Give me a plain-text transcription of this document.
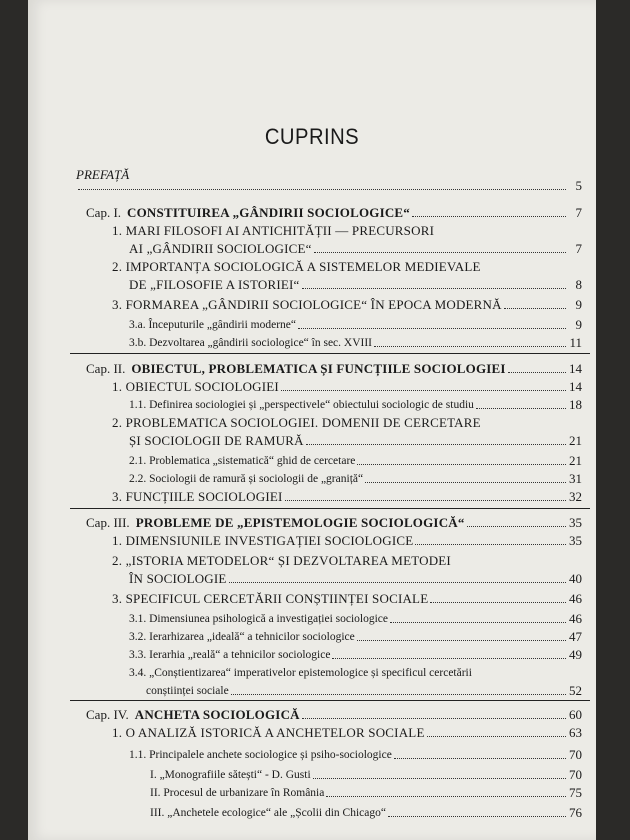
CUPRINS
PREFAȚĂ
5
Cap. I. CONSTITUIREA „GÂNDIRII SOCIOLOGICE“	7
1. MARI FILOSOFI AI ANTICHITĂȚII — PRECURSORI
AI „GÂNDIRII SOCIOLOGICE“	7
2. IMPORTANȚA SOCIOLOGICĂ A SISTEMELOR MEDIEVALE
DE „FILOSOFIE A ISTORIEI“	8
3. FORMAREA „GÂNDIRII SOCIOLOGICE“ ÎN EPOCA MODERNĂ	9
3.a. Începuturile „gândirii moderne“	9
3.b. Dezvoltarea „gândirii sociologice“ în sec. XVIII	11
Cap. II. OBIECTUL, PROBLEMATICA ȘI FUNCȚIILE SOCIOLOGIEI	14
1. OBIECTUL SOCIOLOGIEI	14
1.1. Definirea sociologiei și „perspectivele“ obiectului sociologic de studiu	18
2. PROBLEMATICA SOCIOLOGIEI. DOMENII DE CERCETARE
ȘI SOCIOLOGII DE RAMURĂ	21
2.1. Problematica „sistematică“ ghid de cercetare	21
2.2. Sociologii de ramură și sociologii de „graniță“	31
3. FUNCȚIILE SOCIOLOGIEI	32
Cap. III. PROBLEME DE „EPISTEMOLOGIE SOCIOLOGICĂ“	35
1. DIMENSIUNILE INVESTIGAȚIEI SOCIOLOGICE	35
2. „ISTORIA METODELOR“ ȘI DEZVOLTAREA METODEI
ÎN SOCIOLOGIE	40
3. SPECIFICUL CERCETĂRII CONȘTIINȚEI SOCIALE	46
3.1. Dimensiunea psihologică a investigației sociologice	46
3.2. Ierarhizarea „ideală“ a tehnicilor sociologice	47
3.3. Ierarhia „reală“ a tehnicilor sociologice	49
3.4. „Conștientizarea“ imperativelor epistemologice și specificul cercetării
conștiinței sociale	52
Cap. IV. ANCHETA SOCIOLOGICĂ	60
1. O ANALIZĂ ISTORICĂ A ANCHETELOR SOCIALE	63
1.1. Principalele anchete sociologice și psiho-sociologice	70
I. „Monografiile sătești“ - D. Gusti	70
II. Procesul de urbanizare în România	75
III. „Anchetele ecologice“ ale „Școlii din Chicago“	76
